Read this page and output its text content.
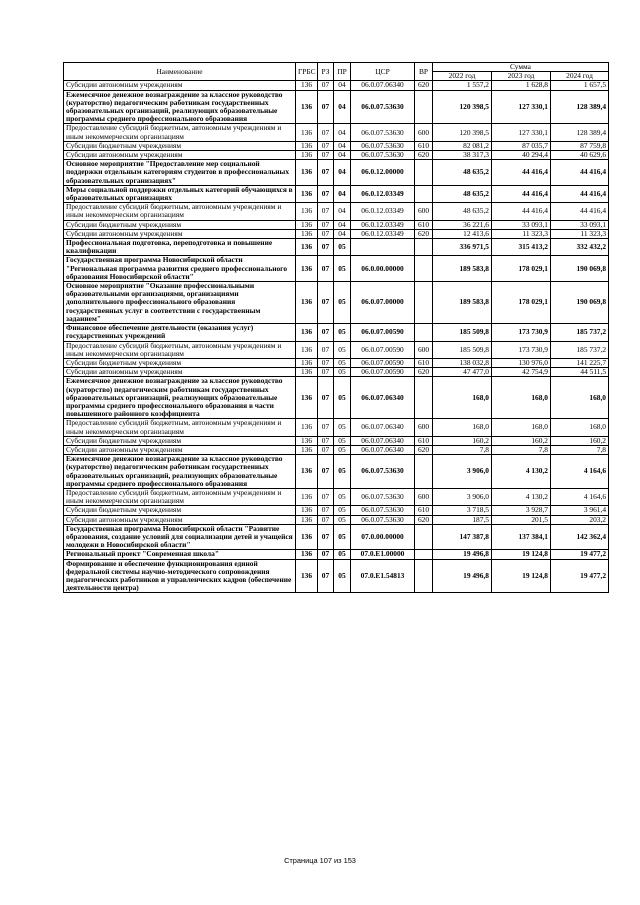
Наименование	ГРБС	РЗ	ПР	ЦСР	ВР	Сумма		
						2022 год	2023 год	2024 год
Субсидии автономным учреждениям	136	07	04	06.0.07.06340	620	1 557,2	1 628,8	1 657,5
Ежемесячное денежное вознаграждение за классное руководство (кураторство) педагогическим работникам государственных образовательных организаций, реализующих образовательные программы среднего профессионального образования	136	07	04	06.0.07.53630		120 398,5	127 330,1	128 389,4
Предоставление субсидий бюджетным, автономным учреждениям и иным некоммерческим организациям	136	07	04	06.0.07.53630	600	120 398,5	127 330,1	128 389,4
Субсидии бюджетным учреждениям	136	07	04	06.0.07.53630	610	82 081,2	87 035,7	87 759,8
Субсидии автономным учреждениям	136	07	04	06.0.07.53630	620	38 317,3	40 294,4	40 629,6
Основное мероприятие "Предоставление мер социальной поддержки отдельным категориям студентов в профессиональных образовательных организациях"	136	07	04	06.0.12.00000		48 635,2	44 416,4	44 416,4
Меры социальной поддержки отдельных категорий обучающихся в образовательных организациях	136	07	04	06.0.12.03349		48 635,2	44 416,4	44 416,4
Предоставление субсидий бюджетным, автономным учреждениям и иным некоммерческим организациям	136	07	04	06.0.12.03349	600	48 635,2	44 416,4	44 416,4
Субсидии бюджетным учреждениям	136	07	04	06.0.12.03349	610	36 221,6	33 093,1	33 093,1
Субсидии автономным учреждениям	136	07	04	06.0.12.03349	620	12 413,6	11 323,3	11 323,3
Профессиональная подготовка, переподготовка и повышение квалификации	136	07	05			336 971,5	315 413,2	332 432,2
Государственная программа Новосибирской области "Региональная программа развития среднего профессионального образования Новосибирской области"	136	07	05	06.0.00.00000		189 583,8	178 029,1	190 069,8
Основное мероприятие "Оказание профессиональными образовательными организациями, организациями дополнительного профессионального образования государственных услуг в соответствии с государственным заданием"	136	07	05	06.0.07.00000		189 583,8	178 029,1	190 069,8
Финансовое обеспечение деятельности (оказания услуг) государственных учреждений	136	07	05	06.0.07.00590		185 509,8	173 730,9	185 737,2
Предоставление субсидий бюджетным, автономным учреждениям и иным некоммерческим организациям	136	07	05	06.0.07.00590	600	185 509,8	173 730,9	185 737,2
Субсидии бюджетным учреждениям	136	07	05	06.0.07.00590	610	138 032,8	130 976,0	141 225,7
Субсидии автономным учреждениям	136	07	05	06.0.07.00590	620	47 477,0	42 754,9	44 511,5
Ежемесячное денежное вознаграждение за классное руководство (кураторство) педагогическим работникам государственных образовательных организаций, реализующих образовательные программы среднего профессионального образования в части повышенного районного коэффициента	136	07	05	06.0.07.06340		168,0	168,0	168,0
Предоставление субсидий бюджетным, автономным учреждениям и иным некоммерческим организациям	136	07	05	06.0.07.06340	600	168,0	168,0	168,0
Субсидии бюджетным учреждениям	136	07	05	06.0.07.06340	610	160,2	160,2	160,2
Субсидии автономным учреждениям	136	07	05	06.0.07.06340	620	7,8	7,8	7,8
Ежемесячное денежное вознаграждение за классное руководство (кураторство) педагогическим работникам государственных образовательных организаций, реализующих образовательные программы среднего профессионального образования	136	07	05	06.0.07.53630		3 906,0	4 130,2	4 164,6
Предоставление субсидий бюджетным, автономным учреждениям и иным некоммерческим организациям	136	07	05	06.0.07.53630	600	3 906,0	4 130,2	4 164,6
Субсидии бюджетным учреждениям	136	07	05	06.0.07.53630	610	3 718,5	3 928,7	3 961,4
Субсидии автономным учреждениям	136	07	05	06.0.07.53630	620	187,5	201,5	203,2
Государственная программа Новосибирской области "Развитие образования, создание условий для социализации детей и учащейся молодежи в Новосибирской области"	136	07	05	07.0.00.00000		147 387,8	137 384,1	142 362,4
Региональный проект "Современная школа"	136	07	05	07.0.E1.00000		19 496,8	19 124,8	19 477,2
Формирование и обеспечение функционирования единой федеральной системы научно-методического сопровождения педагогических работников и управленческих кадров (обеспечение деятельности центра)	136	07	05	07.0.E1.54813		19 496,8	19 124,8	19 477,2
Страница 107 из 153
